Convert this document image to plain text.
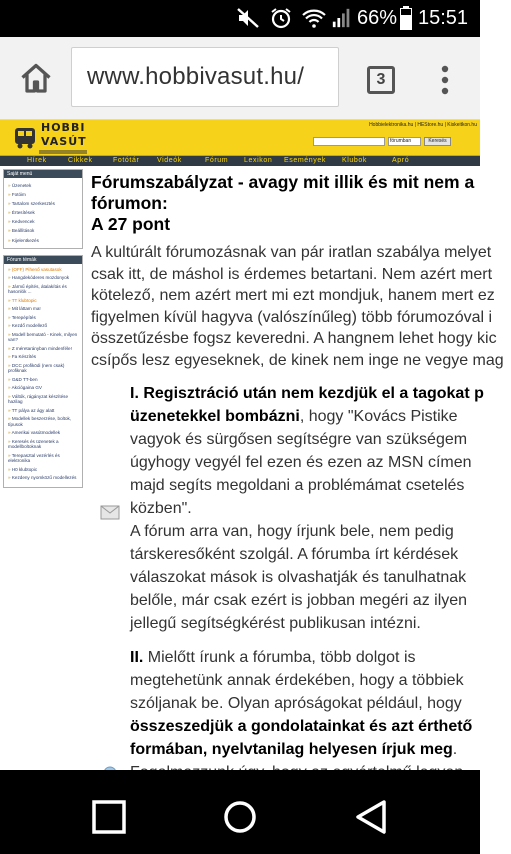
66% 15:51
www.hobbivasut.hu/	3
HOBBI
VASÚT
Hobbielektronika.hu | HEStore.hu | Kiskeitkon.hu
fórumban	Keresés
Hírek	Cikkek	Fotótár	Videók	Fórum Lexikon Események Klubok	Apró
Saját menü
» Üzenetek
» Fotóim
» Tartalom szerkesztés
» Értesítések
» Kedvencek
» Beállítások
» Kijelentkezés
Fórum témák
» (OFF) Pihenő vasutasok
» Hangdekóderes mozdonyok
» Jármű építés, átalakítás és hasonlók ...
» TT klubtopic
» Mit láttam ma!
» Terepépítés
» Kezdő modellező
» Modell bemutató - Kinek, milyen van?
» Z méretarányban mindenféle!
» Fa Készítés
» DCC profiködi (nem csak) profiknak
» G&D TT-ben
» Akciógaina GV
» Váltók, rágányzat készítése hazilag
» TT pálya az ágy alatt
» Modellek beszerzése, boltok, típusok
» Amerikai vasútmodellek
» Keresés és üzenetek a modellboltoknak
» Terepasztal vezérlés és elektronika
» H0 klubtopic
» Kezdeny nyomközű modellezés
Fórumszabályzat - avagy mit illik és mit nem a
fórumon:
A 27 pont
A kultúrált fórumozásnak van pár iratlan szabálya melyet
csak itt, de máshol is érdemes betartani. Nem azért mert
kötelező, nem azért mert mi ezt mondjuk, hanem mert ez
figyelmen kívül hagyva (valószínűleg) több fórumozóval i
összetűzésbe fogsz keveredni. A hangnem lehet hogy kic
csípős lesz egyeseknek, de kinek nem inge ne vegye mag
I. Regisztráció után nem kezdjük el a tagokat p
üzenetekkel bombázni, hogy "Kovács Pistike
vagyok és sürgősen segítségre van szükségem
úgyhogy vegyél fel ezen és ezen az MSN címen
majd segíts megoldani a problémámat csetelés
közben".
A fórum arra van, hogy írjunk bele, nem pedig
társkeresőként szolgál. A fórumba írt kérdések
válaszokat mások is olvashatják és tanulhatnak
belőle, már csak ezért is jobban megéri az ilyen
jellegű segítségkérést publikusan intézni.
II. Mielőtt írunk a fórumba, több dolgot is
megtehetünk annak érdekében, hogy a többiek
szóljanak be. Olyan apróságokat például, hogy
összeszedjük a gondolatainkat és azt érthető
formában, nyelvtanilag helyesen írjuk meg.
